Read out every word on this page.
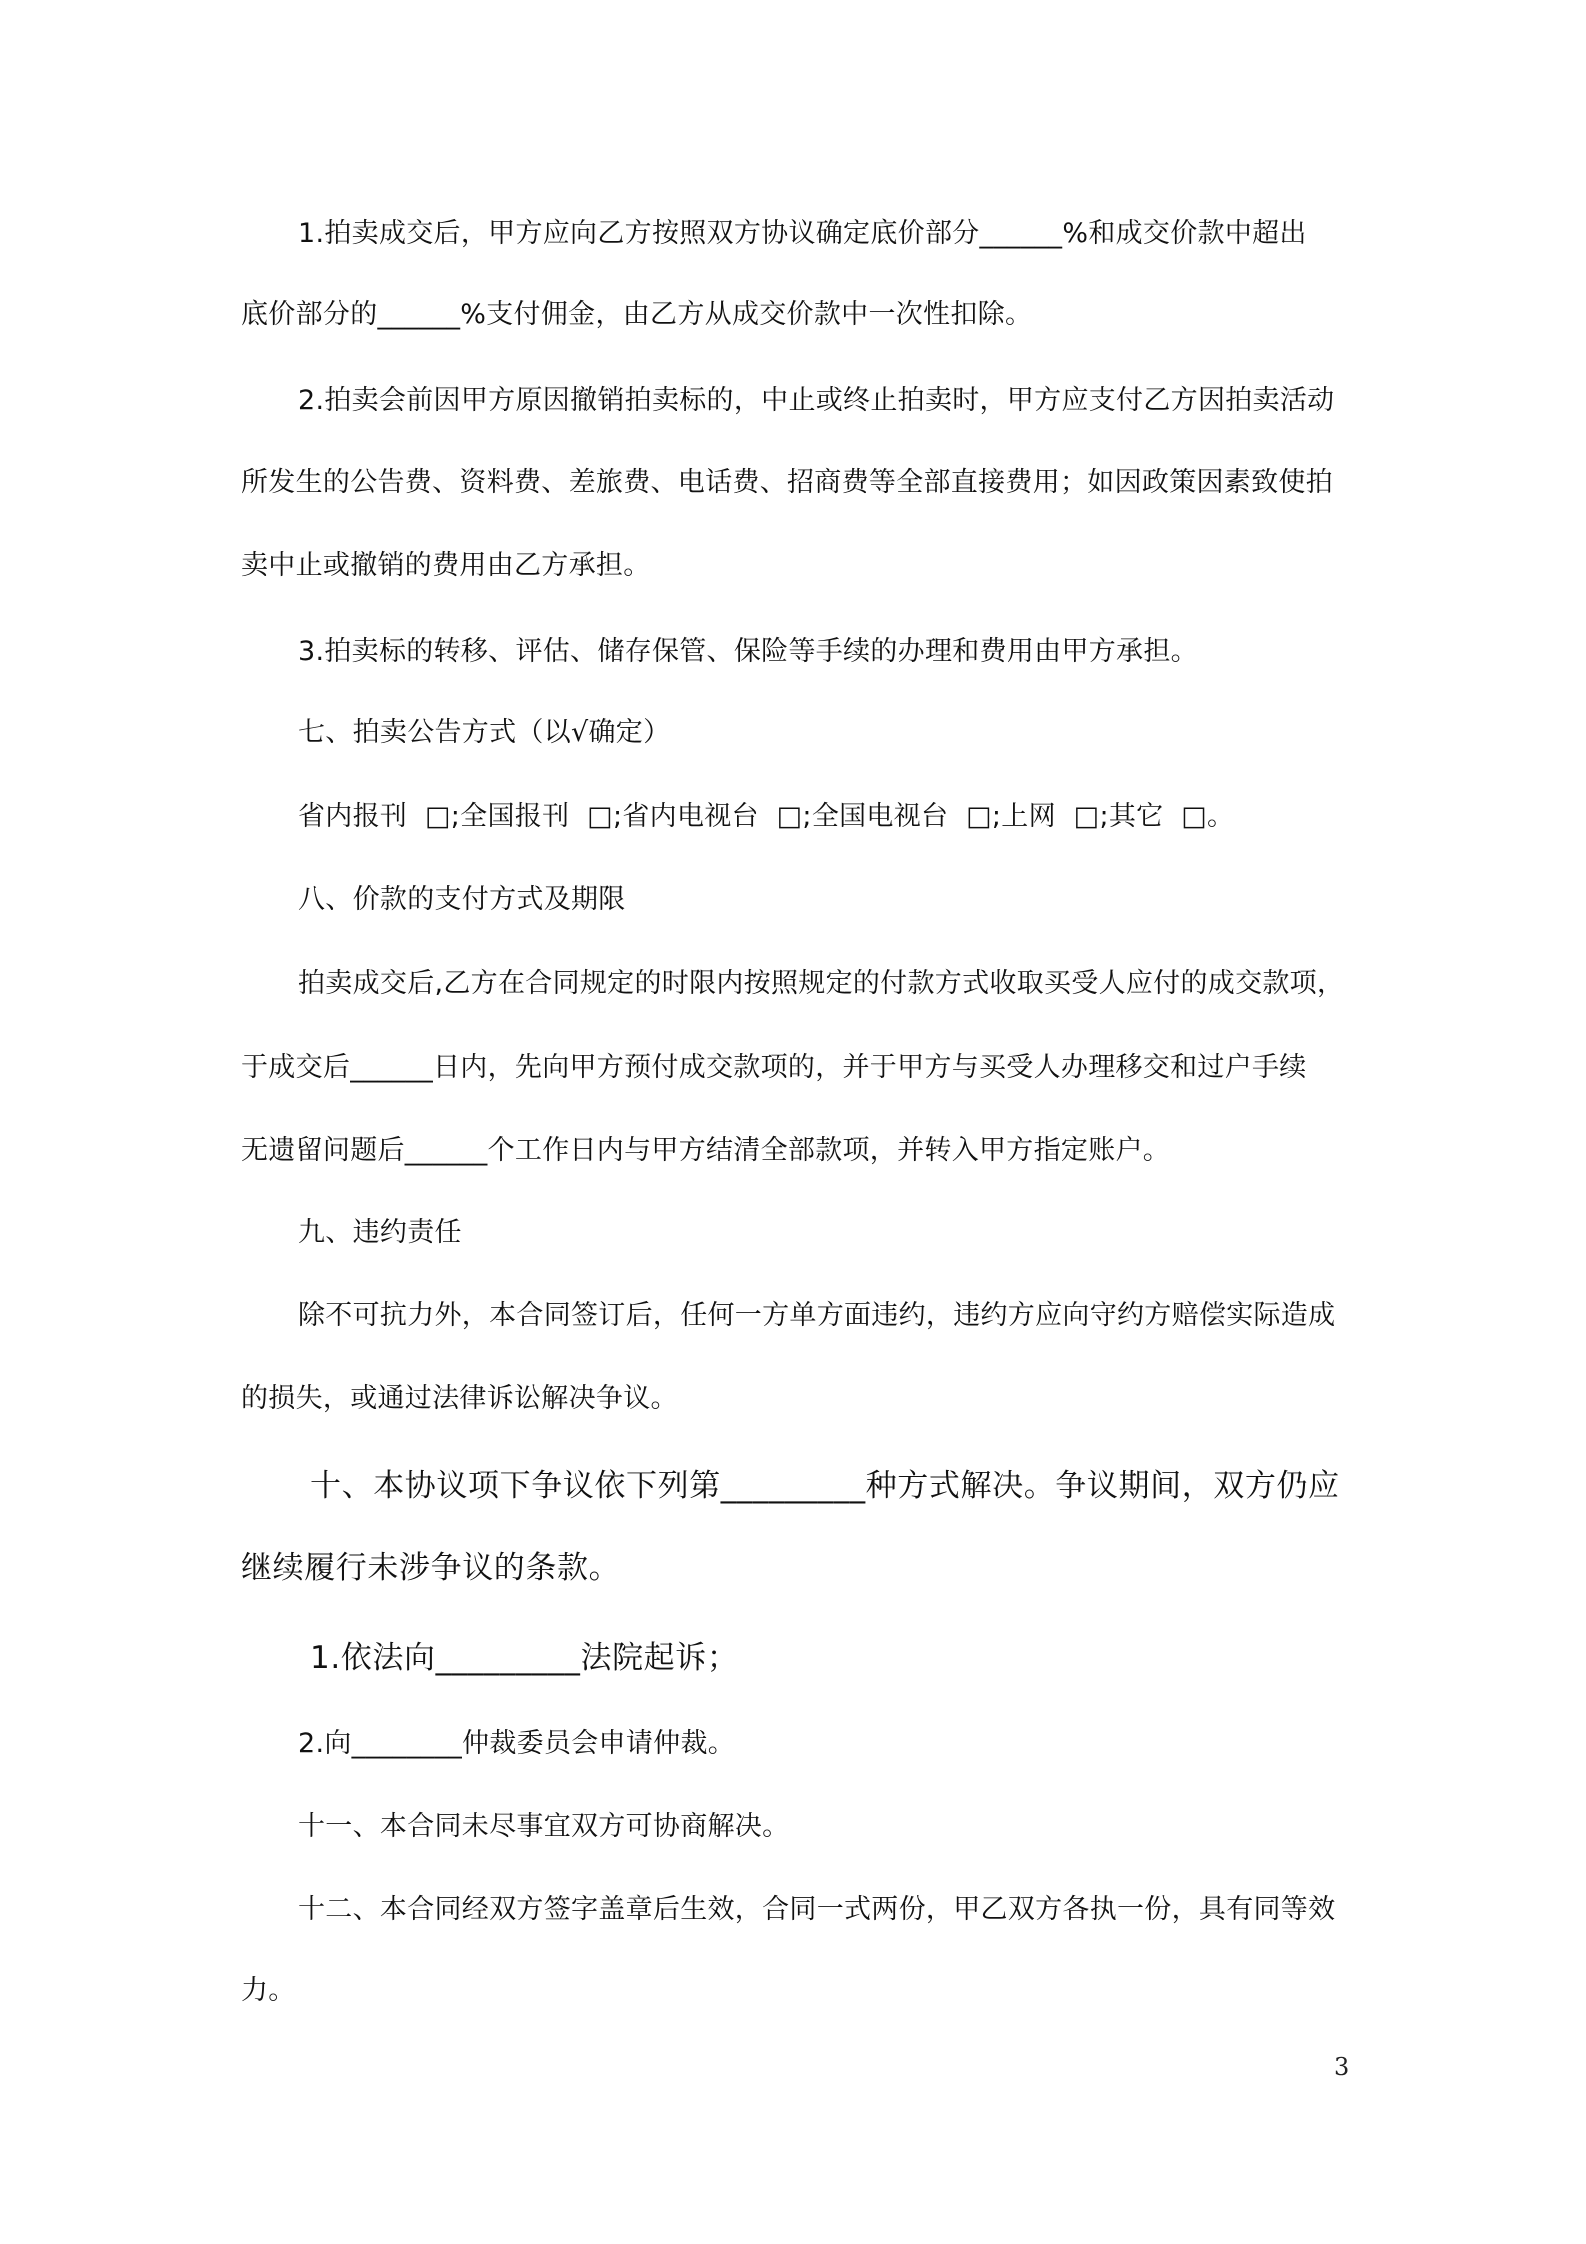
1.拍卖成交后，甲方应向乙方按照双方协议确定底价部分______%和成交价款中超出
底价部分的______%支付佣金，由乙方从成交价款中一次性扣除。
2.拍卖会前因甲方原因撤销拍卖标的，中止或终止拍卖时，甲方应支付乙方因拍卖活动
所发生的公告费、资料费、差旅费、电话费、招商费等全部直接费用；如因政策因素致使拍
卖中止或撤销的费用由乙方承担。
3.拍卖标的转移、评估、储存保管、保险等手续的办理和费用由甲方承担。
七、拍卖公告方式（以√确定）
省内报刊  □;全国报刊  □;省内电视台  □;全国电视台  □;上网  □;其它  □。
八、价款的支付方式及期限
拍卖成交后,乙方在合同规定的时限内按照规定的付款方式收取买受人应付的成交款项，
于成交后______日内，先向甲方预付成交款项的，并于甲方与买受人办理移交和过户手续
无遗留问题后______个工作日内与甲方结清全部款项，并转入甲方指定账户。
九、违约责任
除不可抗力外，本合同签订后，任何一方单方面违约，违约方应向守约方赔偿实际造成
的损失，或通过法律诉讼解决争议。
十、本协议项下争议依下列第_________种方式解决。争议期间，双方仍应
继续履行未涉争议的条款。
1.依法向_________法院起诉；
2.向________仲裁委员会申请仲裁。
十一、本合同未尽事宜双方可协商解决。
十二、本合同经双方签字盖章后生效，合同一式两份，甲乙双方各执一份，具有同等效
力。
3
